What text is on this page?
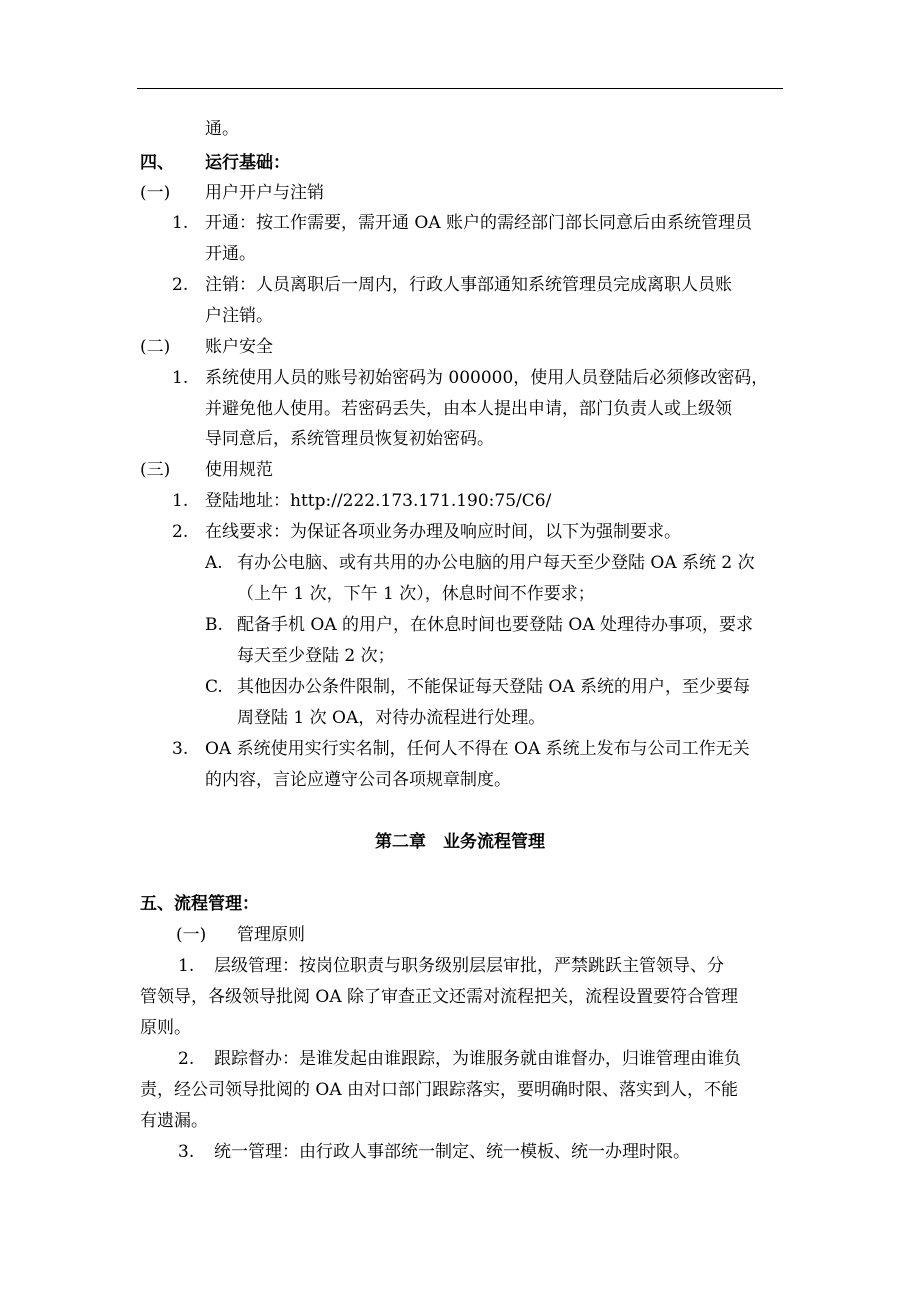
通。
四、 运行基础：
(一) 用户开户与注销
1. 开通：按工作需要，需开通 OA 账户的需经部门部长同意后由系统管理员
开通。
2. 注销：人员离职后一周内，行政人事部通知系统管理员完成离职人员账
户注销。
(二) 账户安全
1. 系统使用人员的账号初始密码为 000000，使用人员登陆后必须修改密码，
并避免他人使用。若密码丢失，由本人提出申请，部门负责人或上级领
导同意后，系统管理员恢复初始密码。
(三) 使用规范
1. 登陆地址：http://222.173.171.190:75/C6/
2. 在线要求：为保证各项业务办理及响应时间，以下为强制要求。
A. 有办公电脑、或有共用的办公电脑的用户每天至少登陆 OA 系统 2 次
（上午 1 次，下午 1 次），休息时间不作要求；
B. 配备手机 OA 的用户，在休息时间也要登陆 OA 处理待办事项，要求
每天至少登陆 2 次；
C. 其他因办公条件限制，不能保证每天登陆 OA 系统的用户，至少要每
周登陆 1 次 OA，对待办流程进行处理。
3. OA 系统使用实行实名制，任何人不得在 OA 系统上发布与公司工作无关
的内容，言论应遵守公司各项规章制度。
第二章　业务流程管理
五、流程管理：
(一) 管理原则
1. 层级管理：按岗位职责与职务级别层层审批，严禁跳跃主管领导、分
管领导，各级领导批阅 OA 除了审查正文还需对流程把关，流程设置要符合管理
原则。
2. 跟踪督办：是谁发起由谁跟踪，为谁服务就由谁督办，归谁管理由谁负
责，经公司领导批阅的 OA 由对口部门跟踪落实，要明确时限、落实到人，不能
有遗漏。
3. 统一管理：由行政人事部统一制定、统一模板、统一办理时限。
